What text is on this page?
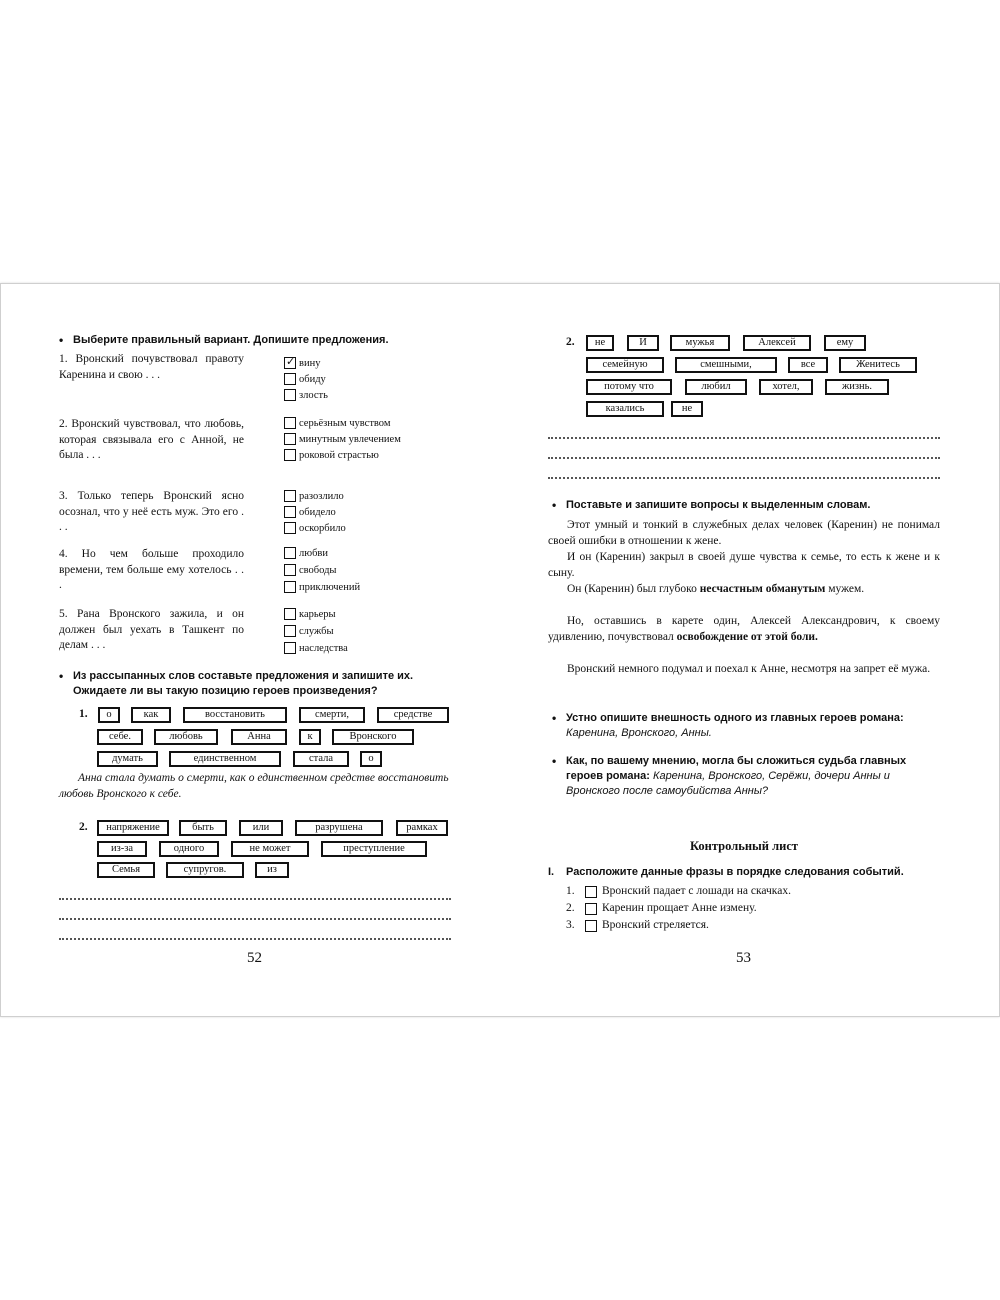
• Выберите правильный вариант. Допишите предложения.
1. Вронский почувствовал правоту Каренина и свою . . .
✓ вину
обиду
злость
2. Вронский чувствовал, что любовь, которая связывала его с Анной, не была . . .
серьёзным чувством
минутным увлечением
роковой страстью
3. Только теперь Вронский ясно осознал, что у неё есть муж. Это его . . .
разозлило
обидело
оскорбило
4. Но чем больше проходило времени, тем больше ему хотелось . . .
любви
свободы
приключений
5. Рана Вронского зажила, и он должен был уехать в Ташкент по делам . . .
карьеры
службы
наследства
• Из рассыпанных слов составьте предложения и запишите их. Ожидаете ли вы такую позицию героев произведения?
1.	о	как	восстановить	смерти,	средстве
себе.	любовь	Анна	к	Вронского
думать	единственном	стала	о
Анна стала думать о смерти, как о единственном средстве восстановить любовь Вронского к себе.
2.	напряжение	быть	или	разрушена	рамках
из-за	одного	не может	преступление
Семья	супругов.	из
52
2.	не	И	мужья	Алексей	ему
семейную	смешными,	все	Женитесь
потому что	любил	хотел,	жизнь.
казались	не
• Поставьте и запишите вопросы к выделенным словам.
Этот умный и тонкий в служебных делах человек (Каренин) не понимал своей ошибки в отношении к жене.
И он (Каренин) закрыл в своей душе чувства к семье, то есть к жене и к сыну.
Он (Каренин) был глубоко несчастным обманутым мужем.
Но, оставшись в карете один, Алексей Александрович, к своему удивлению, почувствовал освобождение от этой боли.
Вронский немного подумал и поехал к Анне, несмотря на запрет её мужа.
• Устно опишите внешность одного из главных героев романа: Каренина, Вронского, Анны.
• Как, по вашему мнению, могла бы сложиться судьба главных героев романа: Каренина, Вронского, Серёжи, дочери Анны и Вронского после самоубийства Анны?
Контрольный лист
I. Расположите данные фразы в порядке следования событий.
1. Вронский падает с лошади на скачках.
2. Каренин прощает Анне измену.
3. Вронский стреляется.
53
